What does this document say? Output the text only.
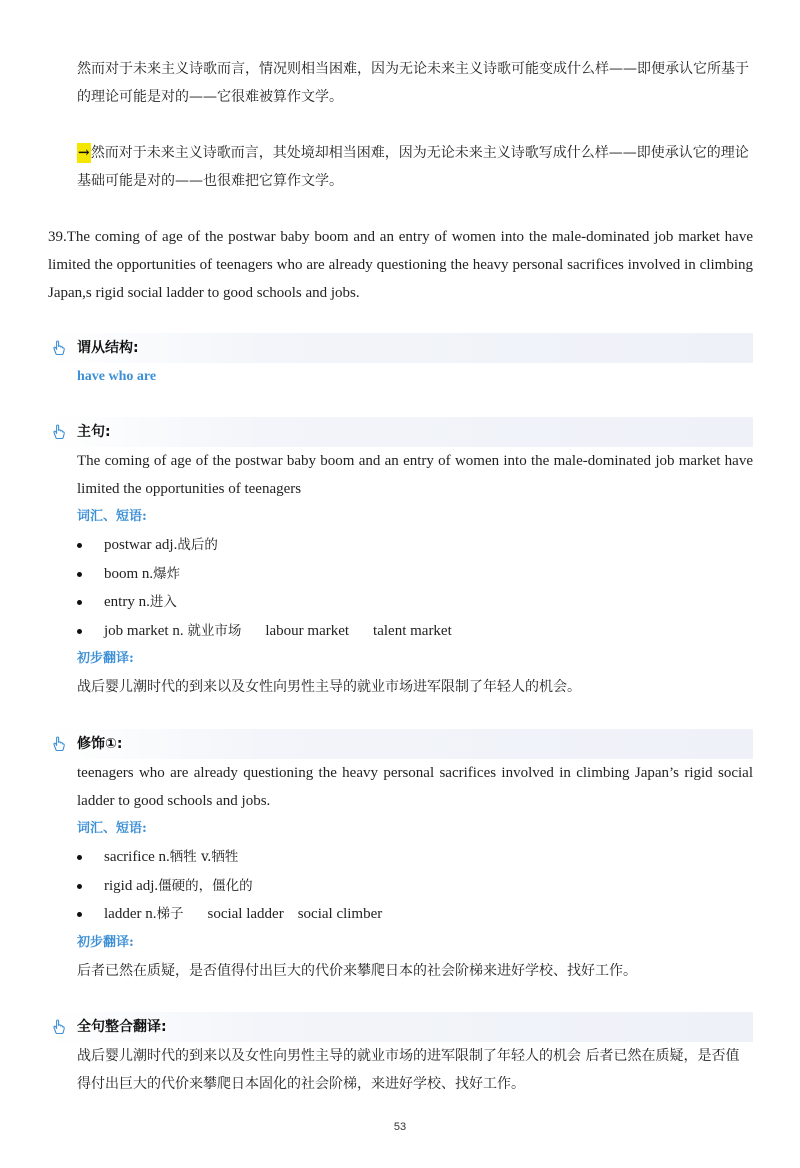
然而对于未来主义诗歌而言，情况则相当困难，因为无论未来主义诗歌可能变成什么样——即便承认它所基于的理论可能是对的——它很难被算作文学。

→然而对于未来主义诗歌而言，其处境却相当困难，因为无论未来主义诗歌写成什么样——即使承认它的理论基础可能是对的——也很难把它算作文学。

39.The coming of age of the postwar baby boom and an entry of women into the male-dominated job market have limited the opportunities of teenagers who are already questioning the heavy personal sacrifices involved in climbing Japan,s rigid social ladder to good schools and jobs.

谓从结构:
have who are
主句:

The coming of age of the postwar baby boom and an entry of women into the male-dominated job market have limited the opportunities of teenagers

词汇、短语:
postwar adj.战后的
boom n.爆炸
entry n.进入
job market n. 就业市场 labour market talent market
初步翻译:

战后婴儿潮时代的到来以及女性向男性主导的就业市场进军限制了年轻人的机会。

修饰①:

teenagers who are already questioning the heavy personal sacrifices involved in climbing Japan’s rigid social ladder to good schools and jobs.

词汇、短语:
sacrifice n.牺牲 v.牺牲
rigid adj.僵硬的，僵化的
ladder n.梯子 social ladder social climber
初步翻译:

后者已然在质疑，是否值得付出巨大的代价来攀爬日本的社会阶梯来进好学校、找好工作。

全句整合翻译:

战后婴儿潮时代的到来以及女性向男性主导的就业市场的进军限制了年轻人的机会 后者已然在质疑，是否值得付出巨大的代价来攀爬日本固化的社会阶梯，来进好学校、找好工作。

53
